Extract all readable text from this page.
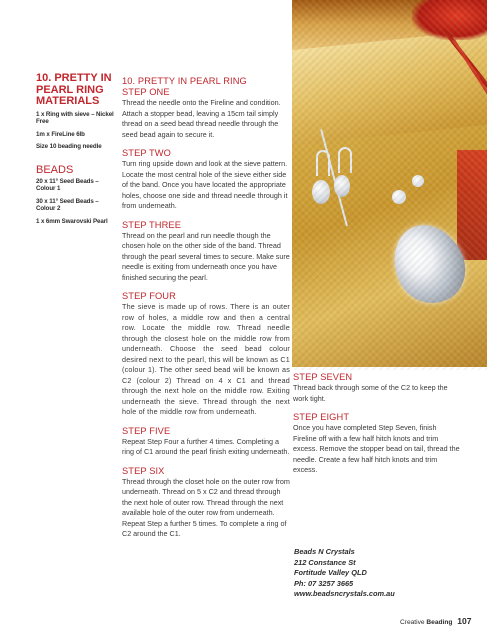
10. PRETTY IN PEARL RING MATERIALS

1 x Ring with sieve – Nickel Free

1m x FireLine 6lb

Size 10 beading needle

BEADS

20 x 11° Seed Beads – Colour 1

30 x 11° Seed Beads – Colour 2

1 x 6mm Swarovski Pearl

10. PRETTY IN PEARL RING

STEP ONE

Thread the needle onto the Fireline and condition. Attach a stopper bead, leaving a 15cm tail simply thread on a seed bead thread needle through the seed bead again to secure it.

STEP TWO

Turn ring upside down and look at the sieve pattern. Locate the most central hole of the sieve either side of the band. Once you have located the appropriate holes, choose one side and thread needle through it from underneath.

STEP THREE

Thread on the pearl and run needle though the chosen hole on the other side of the band. Thread through the pearl several times to secure. Make sure needle is exiting from underneath once you have finished securing the pearl.

STEP FOUR

The sieve is made up of rows. There is an outer row of holes, a middle row and then a central row. Locate the middle row. Thread needle through the closest hole on the middle row from underneath. Choose the seed bead colour desired next to the pearl, this will be known as C1 (colour 1). The other seed bead will be known as C2 (colour 2) Thread on 4 x C1 and thread through the next hole on the middle row. Exiting underneath the sieve. Thread through the next hole of the middle row from underneath.

STEP FIVE

Repeat Step Four a further 4 times. Completing a ring of C1 around the pearl finish exiting underneath.

STEP SIX

Thread through the closet hole on the outer row from underneath. Thread on 5 x C2 and thread through the next hole of outer row. Thread through the next available hole of the outer row from underneath. Repeat Step a further 5 times. To complete a ring of C2 around the C1.

STEP SEVEN

Thread back through some of the C2 to keep the work tight.

STEP EIGHT

Once you have completed Step Seven, finish Fireline off with a few half hitch knots and trim excess. Remove the stopper bead on tail, thread the needle. Create a few half hitch knots and trim excess.

Beads N Crystals
212 Constance St
Fortitude Valley QLD
Ph: 07 3257 3665
www.beadsncrystals.com.au
Creative Beading 107
